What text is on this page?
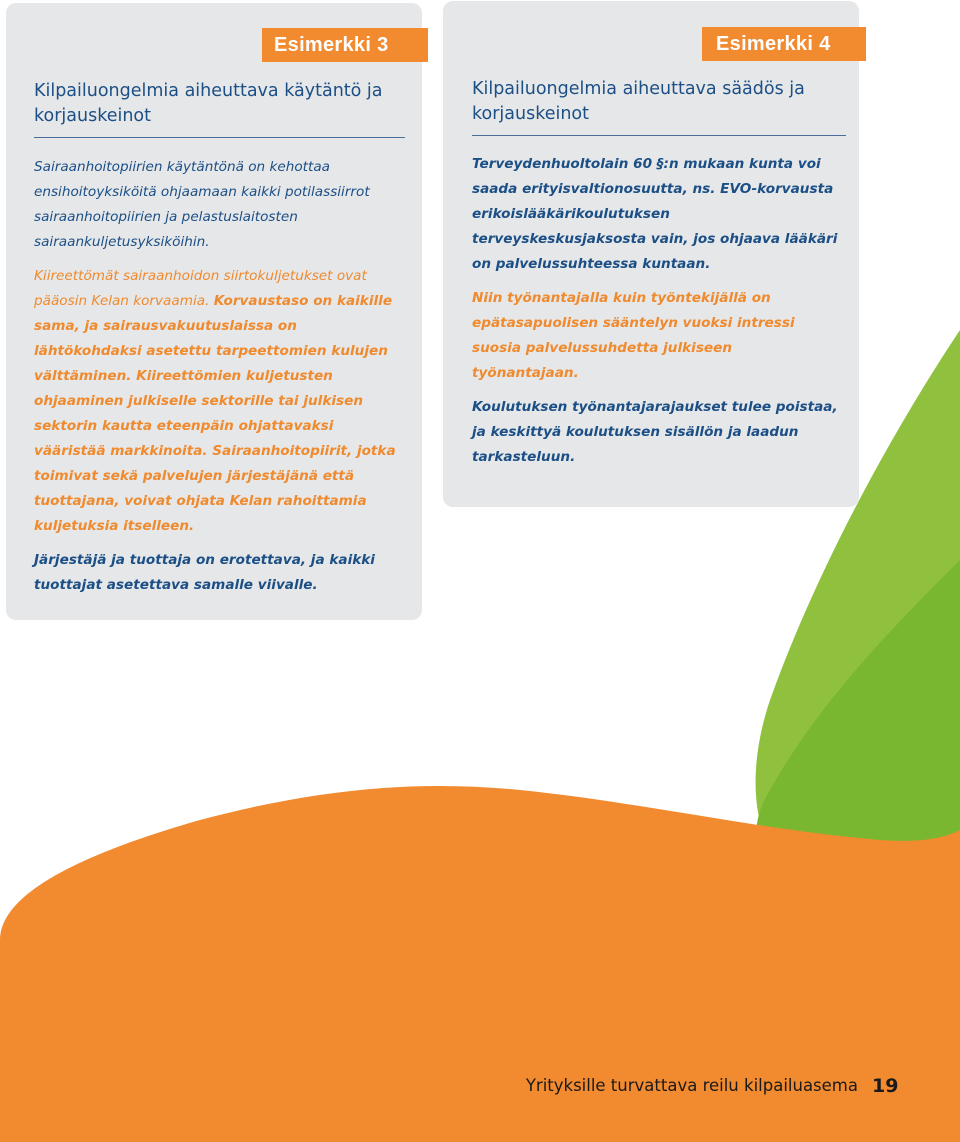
Kilpailuongelmia aiheuttava käytäntö ja korjauskeinot

Sairaanhoitopiirien käytäntönä on kehottaa ensihoitoyksiköitä ohjaamaan kaikki potilassiirrot sairaanhoitopiirien ja pelastuslaitosten sairaankuljetusyksiköihin.

Kiireettömät sairaanhoidon siirtokuljetukset ovat pääosin Kelan korvaamia. Korvaustaso on kaikille sama, ja sairausvakuutuslaissa on lähtökohdaksi asetettu tarpeettomien kulujen välttäminen. Kiireettömien kuljetusten ohjaaminen julkiselle sektorille tai julkisen sektorin kautta eteenpäin ohjattavaksi vääristää markkinoita. Sairaanhoitopiirit, jotka toimivat sekä palvelujen järjestäjänä että tuottajana, voivat ohjata Kelan rahoittamia kuljetuksia itselleen.

Järjestäjä ja tuottaja on erotettava, ja kaikki tuottajat asetettava samalle viivalle.

Esimerkki 3
Kilpailuongelmia aiheuttava säädös ja korjauskeinot

Terveydenhuoltolain 60 §:n mukaan kunta voi saada erityisvaltionosuutta, ns. EVO-korvausta erikoislääkärikoulutuksen terveyskeskusjaksosta vain, jos ohjaava lääkäri on palvelussuhteessa kuntaan.

Niin työnantajalla kuin työntekijällä on epätasapuolisen sääntelyn vuoksi intressi suosia palvelussuhdetta julkiseen työnantajaan.

Koulutuksen työnantajarajaukset tulee poistaa, ja keskittyä koulutuksen sisällön ja laadun tarkasteluun.

Esimerkki 4
Yrityksille turvattava reilu kilpailuasema 19
